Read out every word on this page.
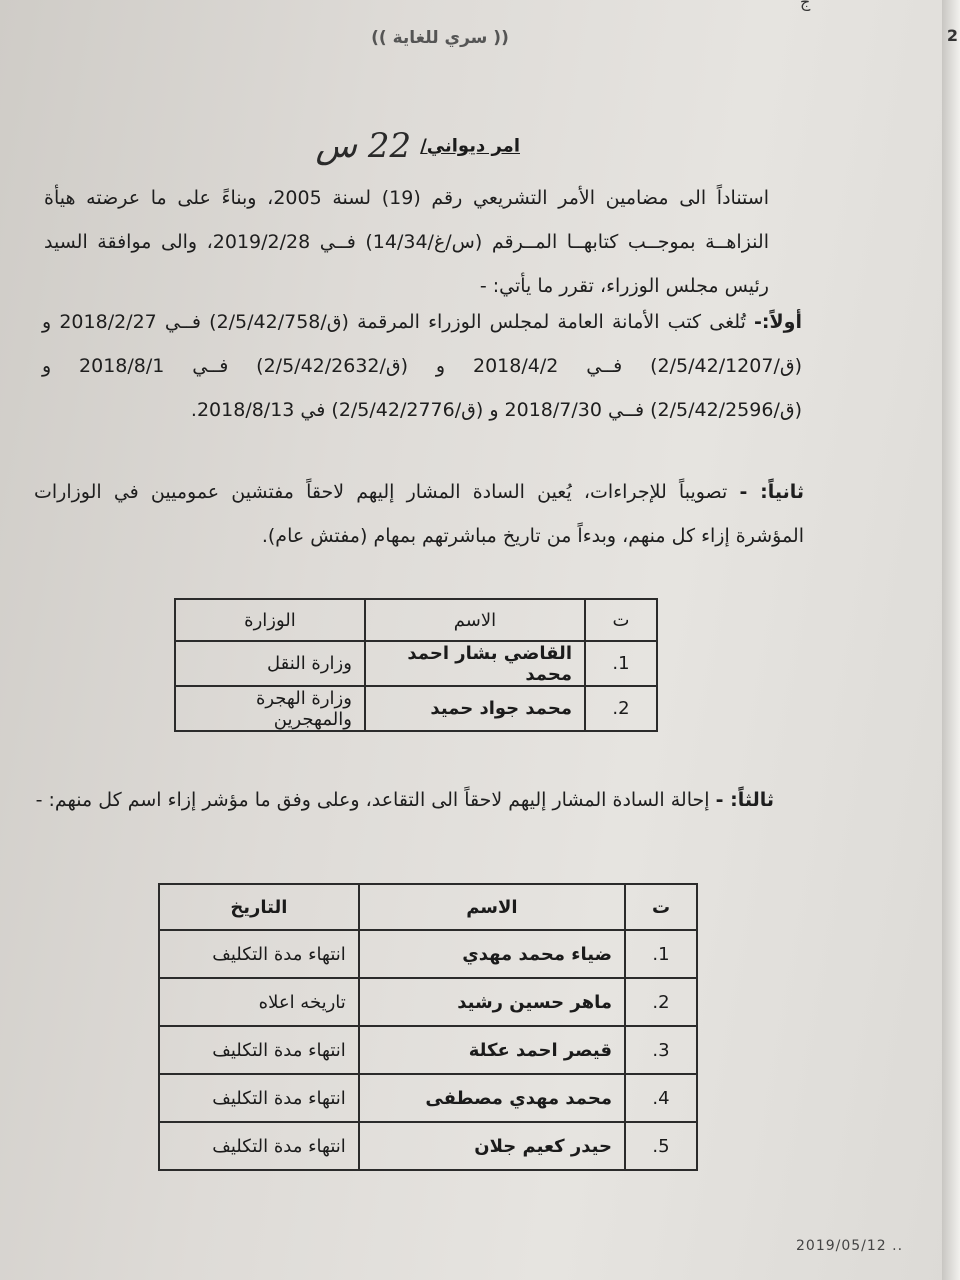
2
ج
(( سري للغاية ))
امر ديواني/ 22 س
استناداً الى مضامين الأمر التشريعي رقم (19) لسنة 2005، وبناءً على ما عرضته هيأة النزاهــة بموجــب كتابهــا المــرقم (س/غ/14/34) فــي 2019/2/28، والى موافقة السيد رئيس مجلس الوزراء، تقرر ما يأتي: -
أولاً:- تُلغى كتب الأمانة العامة لمجلس الوزراء المرقمة (ق/2/5/42/758) فــي 2018/2/27 و (ق/2/5/42/1207) فــي 2018/4/2 و (ق/2/5/42/2632) فــي 2018/8/1 و (ق/2/5/42/2596) فــي 2018/7/30 و (ق/2/5/42/2776) في 2018/8/13.
ثانياً: - تصويباً للإجراءات، يُعين السادة المشار إليهم لاحقاً مفتشين عموميين في الوزارات المؤشرة إزاء كل منهم، وبدءاً من تاريخ مباشرتهم بمهام (مفتش عام).
ت	الاسم	الوزارة
1.	القاضي بشار احمد محمد	وزارة النقل
2.	محمد جواد حميد	وزارة الهجرة والمهجرين
ثالثاً: - إحالة السادة المشار إليهم لاحقاً الى التقاعد، وعلى وفق ما مؤشر إزاء اسم كل منهم: -
ت	الاسم	التاريخ
1.	ضياء محمد مهدي	انتهاء مدة التكليف
2.	ماهر حسين رشيد	تاريخه اعلاه
3.	قيصر احمد عكلة	انتهاء مدة التكليف
4.	محمد مهدي مصطفى	انتهاء مدة التكليف
5.	حيدر كعيم جلان	انتهاء مدة التكليف
2019/05/12 ..
